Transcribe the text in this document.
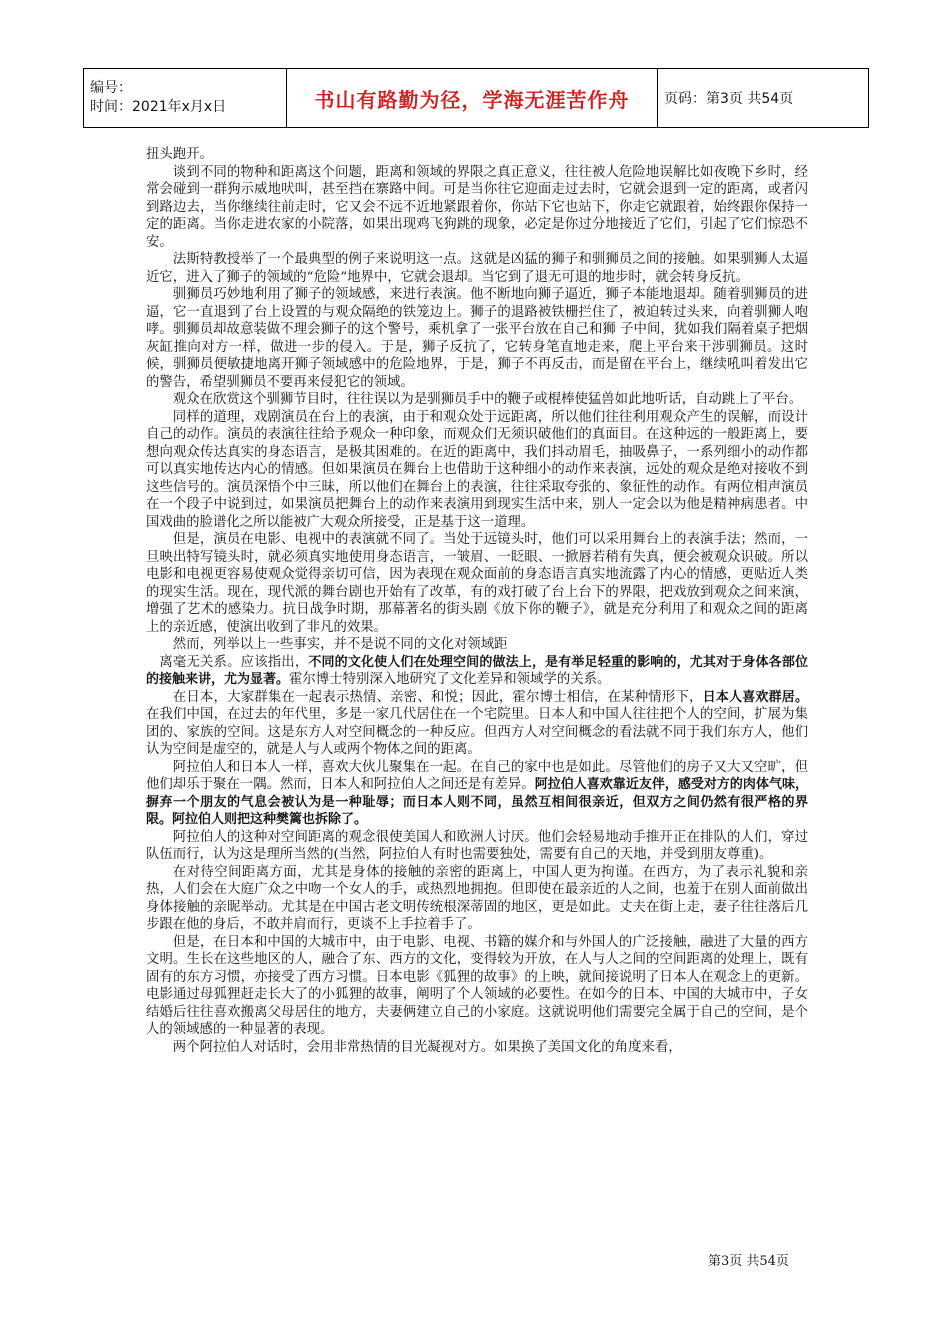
编号：
时间：2021年x月x日	书山有路勤为径，学海无涯苦作舟	页码：第3页 共54页

扭头跑开。

谈到不同的物种和距离这个问题，距离和领域的界限之真正意义，往往被人危险地误解比如夜晚下乡时，经常会碰到一群狗示威地吠叫，甚至挡在寨路中间。可是当你往它迎面走过去时，它就会退到一定的距离，或者闪到路边去，当你继续往前走时，它又会不远不近地紧跟着你，你站下它也站下，你走它就跟着，始终跟你保持一定的距离。当你走进农家的小院落，如果出现鸡飞狗跳的现象，必定是你过分地接近了它们，引起了它们惊恐不安。

法斯特教授举了一个最典型的例子来说明这一点。这就是凶猛的狮子和驯狮员之间的接触。如果驯狮人太逼近它，进入了狮子的领域的“危险”地界中，它就会退却。当它到了退无可退的地步时，就会转身反抗。

驯狮员巧妙地利用了狮子的领域感，来进行表演。他不断地向狮子逼近，狮子本能地退却。随着驯狮员的进逼，它一直退到了台上设置的与观众隔绝的铁笼边上。狮子的退路被铁栅拦住了，被迫转过头来，向着驯狮人咆哮。驯狮员却故意装做不理会狮子的这个警号，乘机拿了一张平台放在自己和狮 子中间，犹如我们隔着桌子把烟灰缸推向对方一样，做进一步的侵入。于是，狮子反抗了，它转身笔直地走来，爬上平台来干涉驯狮员。这时候，驯狮员便敏捷地离开狮子领域感中的危险地界，于是，狮子不再反击，而是留在平台上，继续吼叫着发出它的警告，希望驯狮员不要再来侵犯它的领域。

观众在欣赏这个驯狮节目时，往往误以为是驯狮员手中的鞭子或棍棒使猛兽如此地听话，自动跳上了平台。

同样的道理，戏剧演员在台上的表演，由于和观众处于远距离，所以他们往往利用观众产生的误解，而设计自己的动作。演员的表演往往给予观众一种印象，而观众们无须识破他们的真面目。在这种远的一般距离上，要想向观众传达真实的身态语言，是极其困难的。在近的距离中，我们抖动眉毛，抽吸鼻子，一系列细小的动作都可以真实地传达内心的情感。但如果演员在舞台上也借助于这种细小的动作来表演，远处的观众是绝对接收不到这些信号的。演员深悟个中三昧，所以他们在舞台上的表演，往往采取夸张的、象征性的动作。有两位相声演员在一个段子中说到过，如果演员把舞台上的动作来表演用到现实生活中来，别人一定会以为他是精神病患者。中国戏曲的脸谱化之所以能被广大观众所接受，正是基于这一道理。

但是，演员在电影、电视中的表演就不同了。当处于远镜头时，他们可以采用舞台上的表演手法；然而，一旦映出特写镜头时，就必须真实地使用身态语言，一皱眉、一眨眼、一掀唇若稍有失真，便会被观众识破。所以电影和电视更容易使观众觉得亲切可信，因为表现在观众面前的身态语言真实地流露了内心的情感，更贴近人类的现实生活。现在，现代派的舞台剧也开始有了改革，有的戏打破了台上台下的界限，把戏放到观众之间来演，增强了艺术的感染力。抗日战争时期，那幕著名的街头剧《放下你的鞭子》，就是充分利用了和观众之间的距离上的亲近感，使演出收到了非凡的效果。

然而，列举以上一些事实，并不是说不同的文化对领域距

离毫无关系。应该指出，不同的文化使人们在处理空间的做法上，是有举足轻重的影响的，尤其对于身体各部位的接触来讲，尤为显著。霍尔博士特别深入地研究了文化差异和领域学的关系。

在日本，大家群集在一起表示热情、亲密、和悦；因此，霍尔博士相信，在某种情形下，日本人喜欢群居。在我们中国，在过去的年代里，多是一家几代居住在一个宅院里。日本人和中国人往往把个人的空间，扩展为集团的、家族的空间。这是东方人对空间概念的一种反应。但西方人对空间概念的看法就不同于我们东方人，他们认为空间是虚空的，就是人与人或两个物体之间的距离。

阿拉伯人和日本人一样，喜欢大伙儿聚集在一起。在自己的家中也是如此。尽管他们的房子又大又空旷，但他们却乐于聚在一隅。然而，日本人和阿拉伯人之间还是有差异。阿拉伯人喜欢靠近友伴，感受对方的肉体气味，摒弃一个朋友的气息会被认为是一种耻辱；而日本人则不同，虽然互相间很亲近，但双方之间仍然有很严格的界限。阿拉伯人则把这种樊篱也拆除了。

阿拉伯人的这种对空间距离的观念很使美国人和欧洲人讨厌。他们会轻易地动手推开正在排队的人们，穿过队伍而行，认为这是理所当然的(当然，阿拉伯人有时也需要独处，需要有自己的天地，并受到朋友尊重)。

在对待空间距离方面，尤其是身体的接触的亲密的距离上，中国人更为拘谨。在西方，为了表示礼貌和亲热，人们会在大庭广众之中吻一个女人的手，或热烈地拥抱。但即使在最亲近的人之间，也羞于在别人面前做出身体接触的亲昵举动。尤其是在中国古老文明传统根深蒂固的地区，更是如此。丈夫在街上走，妻子往往落后几步跟在他的身后，不敢并肩而行，更谈不上手拉着手了。

但是，在日本和中国的大城市中，由于电影、电视、书籍的媒介和与外国人的广泛接触，融进了大量的西方文明。生长在这些地区的人，融合了东、西方的文化，变得较为开放，在人与人之间的空间距离的处理上，既有固有的东方习惯，亦接受了西方习惯。日本电影《狐狸的故事》的上映，就间接说明了日本人在观念上的更新。电影通过母狐狸赶走长大了的小狐狸的故事，阐明了个人领域的必要性。在如今的日本、中国的大城市中，子女结婚后往往喜欢搬离父母居住的地方，夫妻俩建立自己的小家庭。这就说明他们需要完全属于自己的空间，是个人的领域感的一种显著的表现。

两个阿拉伯人对话时，会用非常热情的目光凝视对方。如果换了美国文化的角度来看，

第3页 共54页
